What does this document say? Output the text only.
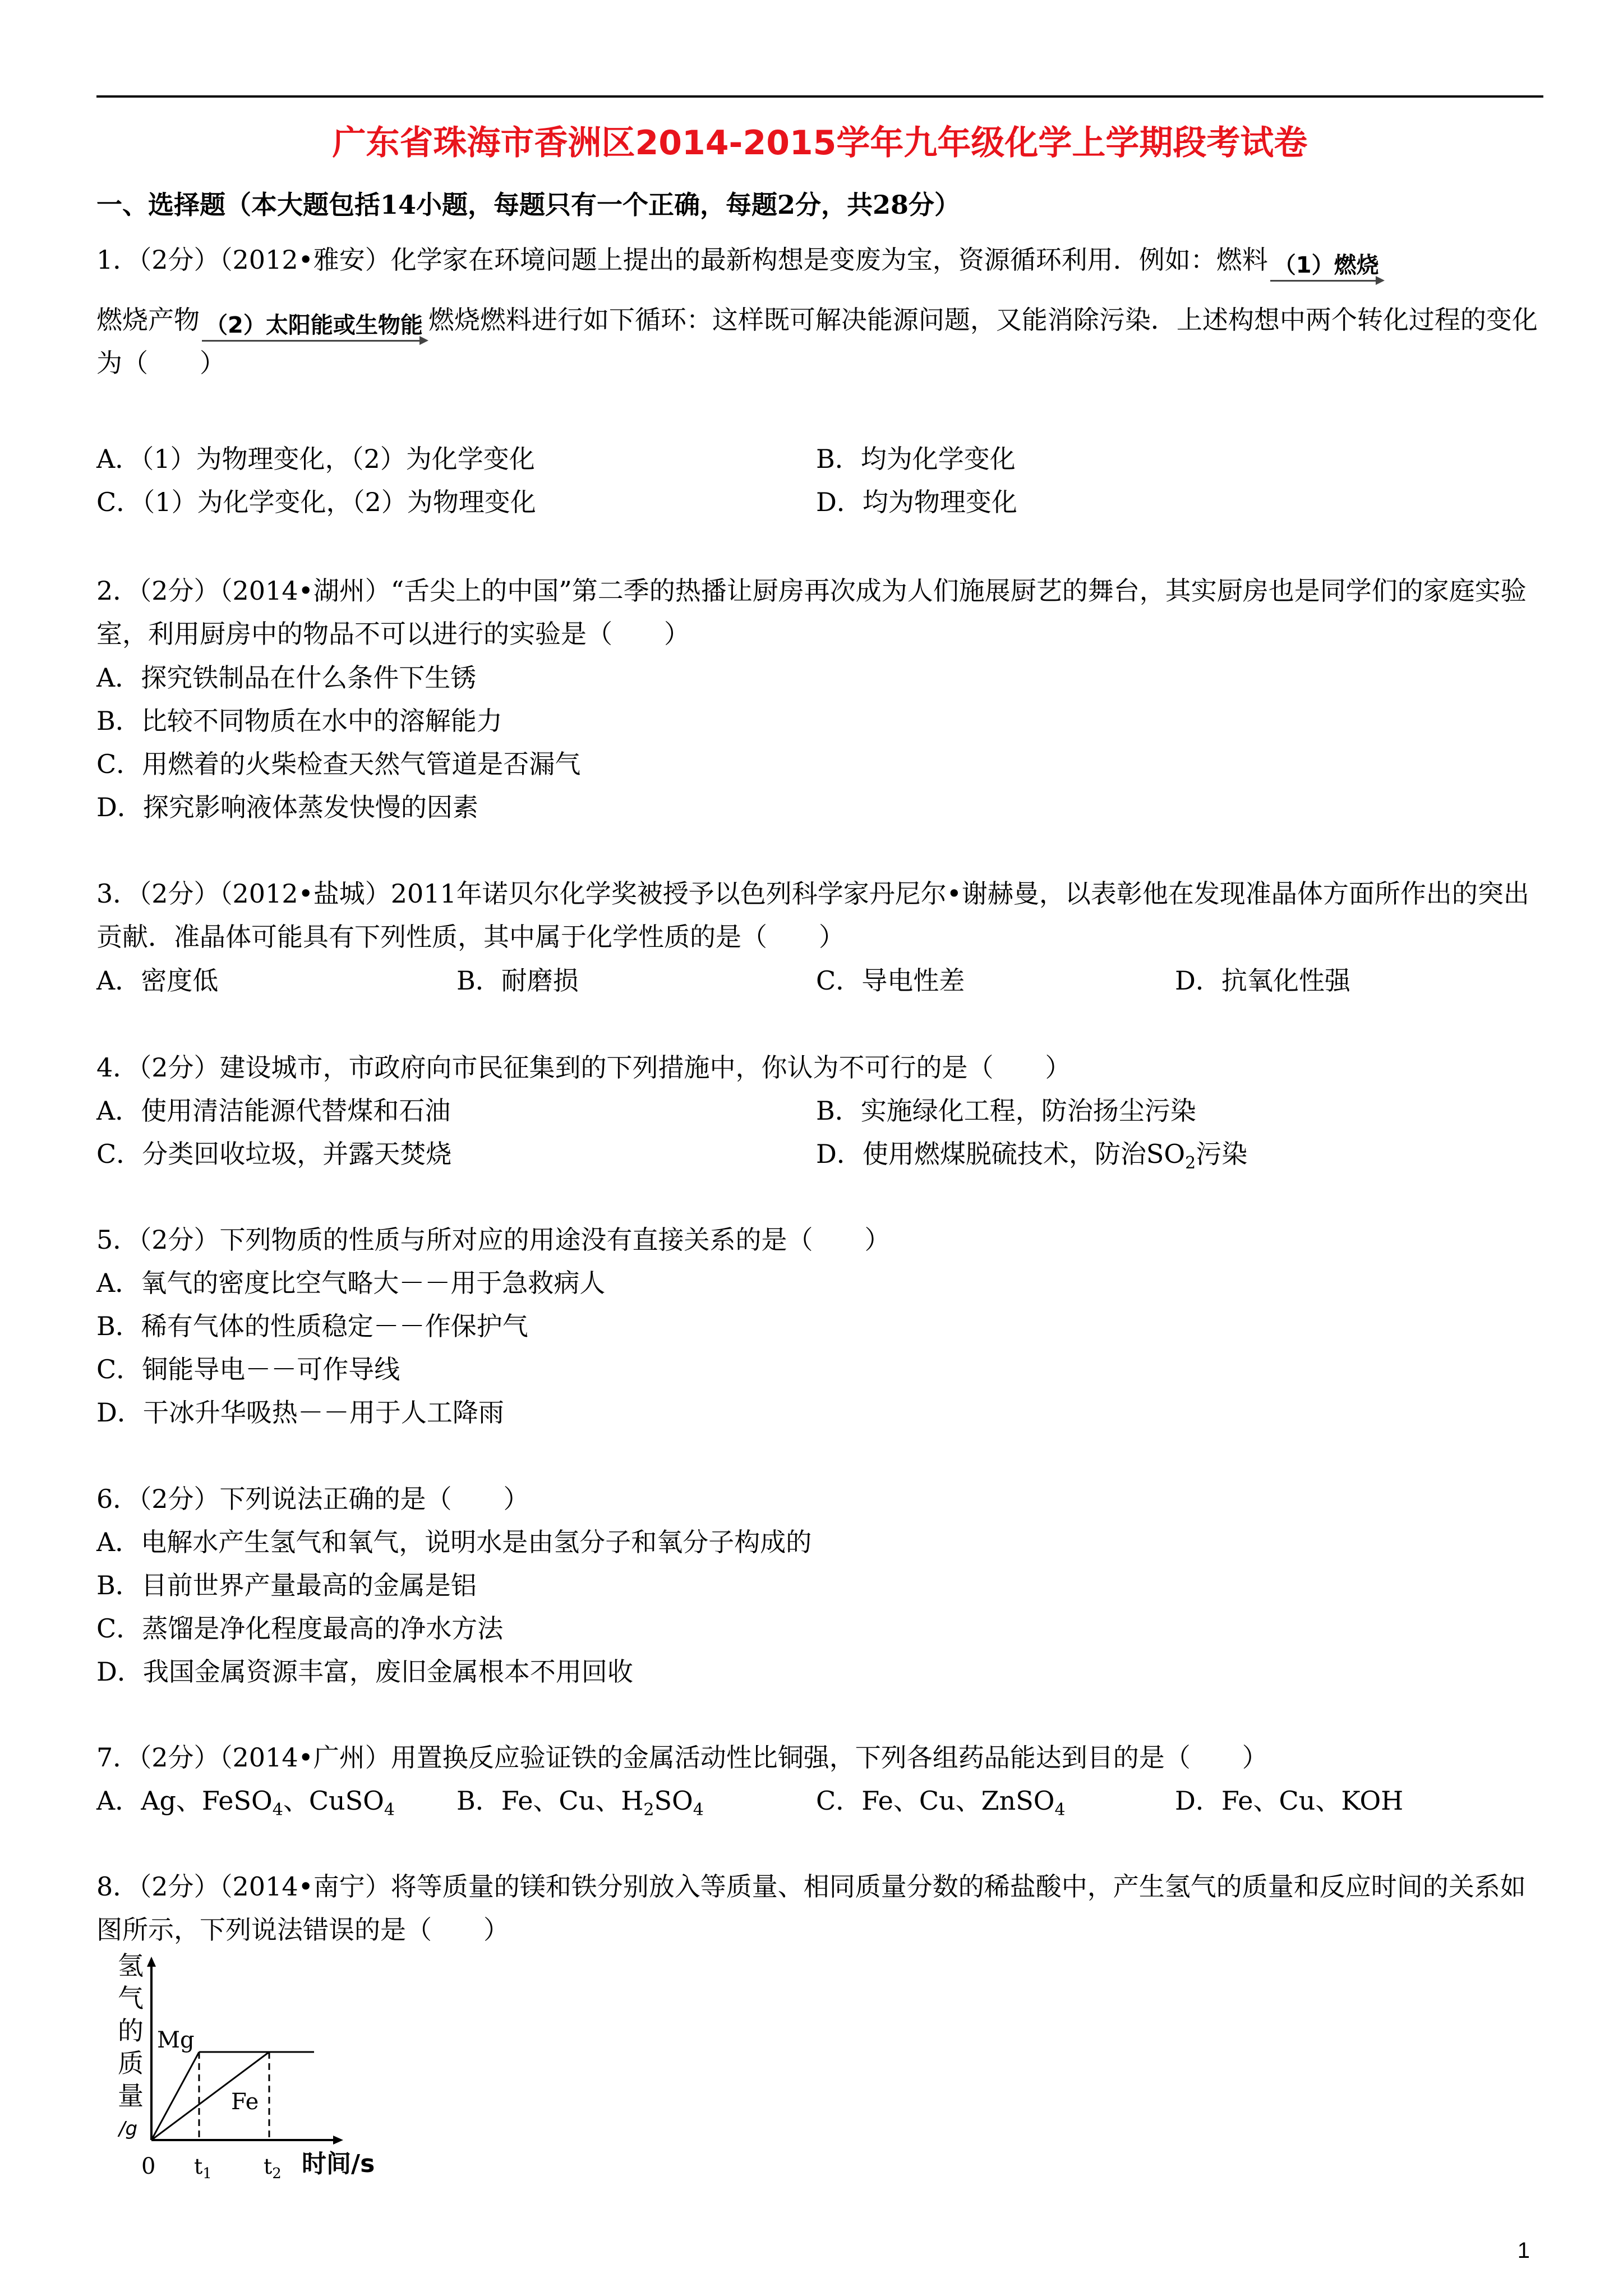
广东省珠海市香洲区2014-2015学年九年级化学上学期段考试卷
一、选择题（本大题包括14小题，每题只有一个正确，每题2分，共28分）

1．（2分）（2012•雅安）化学家在环境问题上提出的最新构想是变废为宝，资源循环利用．例如：燃料 （1）燃烧

燃烧产物 （2）太阳能或生物能 燃烧燃料进行如下循环：这样既可解决能源问题，又能消除污染．上述构想中两个转化过程的变化为（　　）

A．（1）为物理变化，（2）为化学变化	B．均为化学变化
C．（1）为化学变化，（2）为物理变化	D．均为物理变化
2．（2分）（2014•湖州）“舌尖上的中国”第二季的热播让厨房再次成为人们施展厨艺的舞台，其实厨房也是同学们的家庭实验室，利用厨房中的物品不可以进行的实验是（　　）
A．探究铁制品在什么条件下生锈
B．比较不同物质在水中的溶解能力
C．用燃着的火柴检查天然气管道是否漏气
D．探究影响液体蒸发快慢的因素
3．（2分）（2012•盐城）2011年诺贝尔化学奖被授予以色列科学家丹尼尔•谢赫曼，以表彰他在发现准晶体方面所作出的突出贡献．准晶体可能具有下列性质，其中属于化学性质的是（　　）
A．密度低	B．耐磨损	C．导电性差	D．抗氧化性强
4．（2分）建设城市，市政府向市民征集到的下列措施中，你认为不可行的是（　　）
A．使用清洁能源代替煤和石油	B．实施绿化工程，防治扬尘污染
C．分类回收垃圾，并露天焚烧	D．使用燃煤脱硫技术，防治$SO_2$污染
5．（2分）下列物质的性质与所对应的用途没有直接关系的是（　　）
A．氧气的密度比空气略大－－用于急救病人
B．稀有气体的性质稳定－－作保护气
C．铜能导电－－可作导线
D．干冰升华吸热－－用于人工降雨
6．（2分）下列说法正确的是（　　）
A．电解水产生氢气和氧气，说明水是由氢分子和氧分子构成的
B．目前世界产量最高的金属是铝
C．蒸馏是净化程度最高的净水方法
D．我国金属资源丰富，废旧金属根本不用回收
7．（2分）（2014•广州）用置换反应验证铁的金属活动性比铜强，下列各组药品能达到目的是（　　）
A．Ag、FeSO$_4$、CuSO$_4$ B．Fe、Cu、$H_2SO_4$	C．Fe、Cu、ZnSO$_4$	D．Fe、Cu、KOH
8．（2分）（2014•南宁）将等质量的镁和铁分别放入等质量、相同质量分数的稀盐酸中，产生氢气的质量和反应时间的关系如图所示，下列说法错误的是（　　）
氢
气
的
质
量
/g
Mg
Fe
0 $t_1$ $t_2$ 时间/s
1
